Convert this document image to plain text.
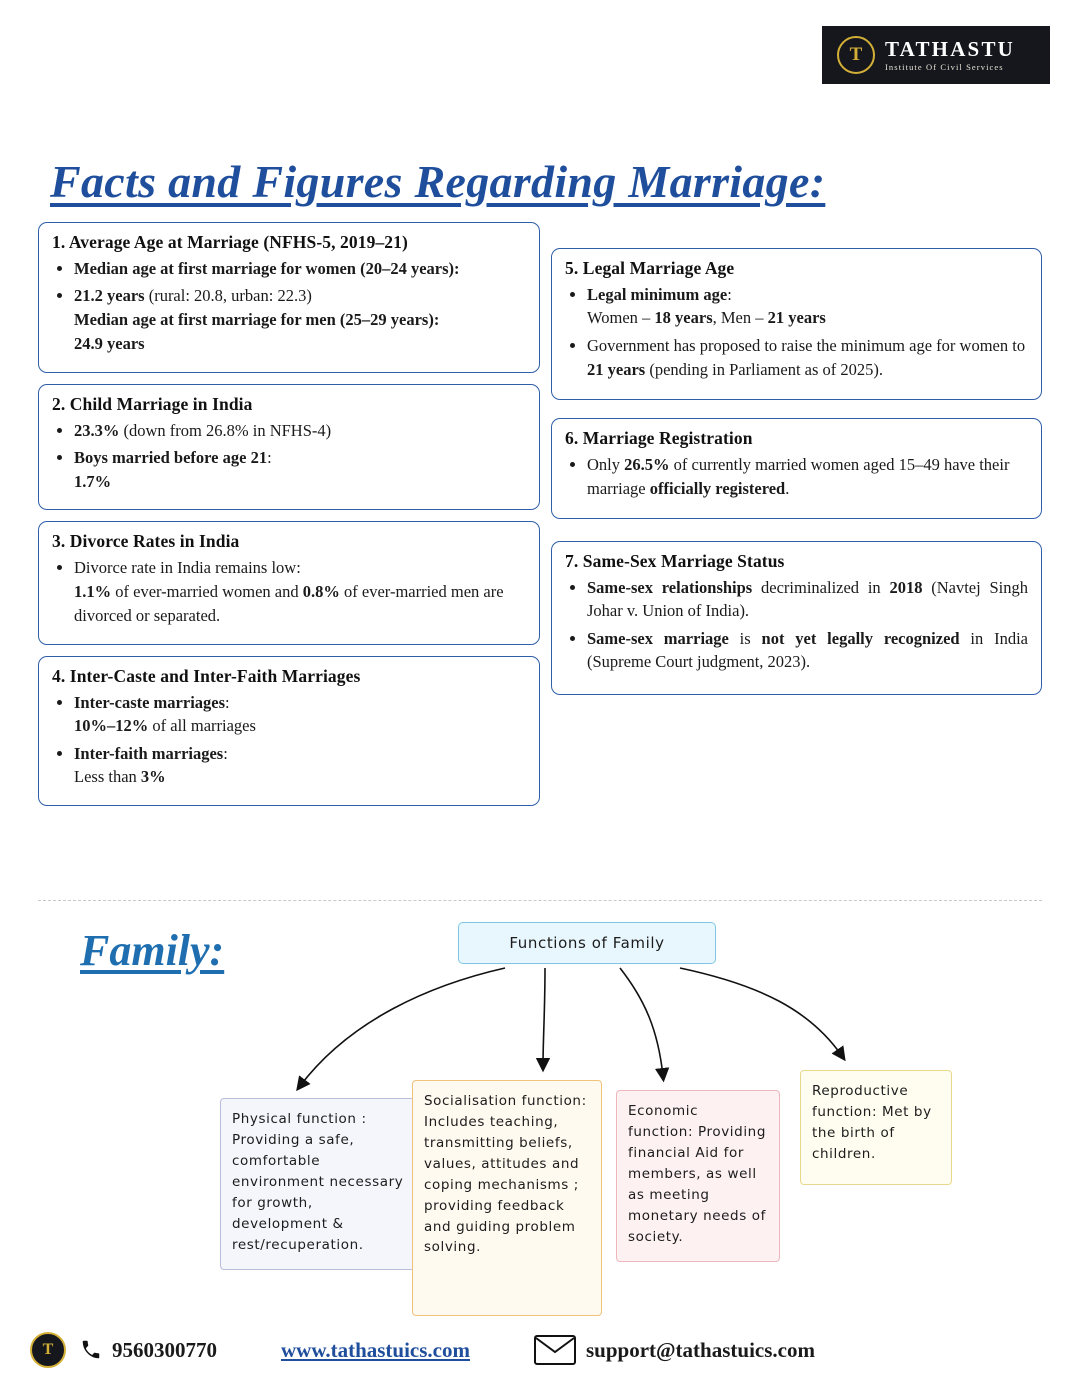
T	TATHASTU
Institute Of Civil Services
Facts and Figures Regarding Marriage:
1. Average Age at Marriage (NFHS-5, 2019–21)
• Median age at first marriage for women (20–24 years):
• 21.2 years (rural: 20.8, urban: 22.3)
Median age at first marriage for men (25–29 years):
24.9 years
2. Child Marriage in India
• 23.3% (down from 26.8% in NFHS-4)
• Boys married before age 21:
1.7%
3. Divorce Rates in India
• Divorce rate in India remains low:
1.1% of ever-married women and 0.8% of ever-married men are divorced or separated.
4. Inter-Caste and Inter-Faith Marriages
• Inter-caste marriages:
10%–12% of all marriages
• Inter-faith marriages:
Less than 3%
5. Legal Marriage Age
• Legal minimum age:
Women – 18 years, Men – 21 years
• Government has proposed to raise the minimum age for women to 21 years (pending in Parliament as of 2025).
6. Marriage Registration
• Only 26.5% of currently married women aged 15–49 have their marriage officially registered.
7. Same-Sex Marriage Status
• Same-sex relationships decriminalized in 2018 (Navtej Singh Johar v. Union of India).
• Same-sex marriage is not yet legally recognized in India (Supreme Court judgment, 2023).
Family:	Functions of Family
Physical function : Providing a safe, comfortable environment necessary for growth, development & rest/recuperation.
Socialisation function: Includes teaching, transmitting beliefs, values, attitudes and coping mechanisms ; providing feedback and guiding problem solving.
Economic function: Providing financial Aid for members, as well as meeting monetary needs of society.
Reproductive function: Met by the birth of children.
T	9560300770	www.tathastuics.com	support@tathastuics.com
